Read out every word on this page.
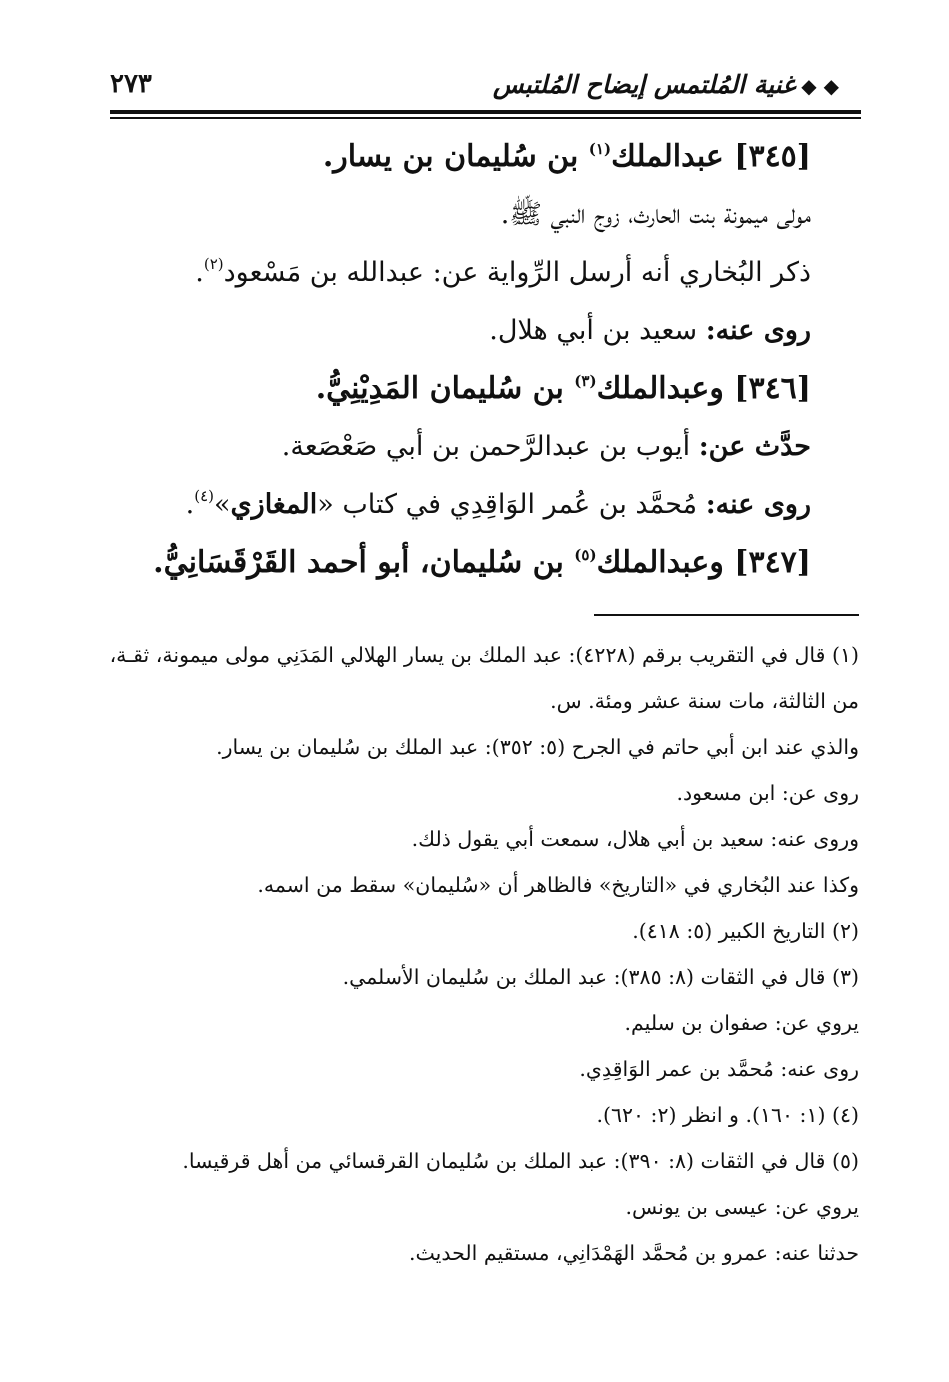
◆ ◆غنية المُلتمس إيضاح المُلتبس
٢٧٣
[٣٤٥] عبدالملك$^{(١)}$ بن سُليمان بن يسار.
مولى ميمونة بنت الحارث، زوج النبي ﷺ.
ذكر البُخاري أنه أرسل الرِّواية عن: عبدالله بن مَسْعود$^{(٢)}$.
روى عنه: سعيد بن أبي هلال.
[٣٤٦] وعبدالملك$^{(٣)}$ بن سُليمان المَدِيْنِيُّ.
حدَّث عن: أيوب بن عبدالرَّحمن بن أبي صَعْصَعة.
روى عنه: مُحمَّد بن عُمر الوَاقِدِي في كتاب «المغازي»$^{(٤)}$.
[٣٤٧] وعبدالملك$^{(٥)}$ بن سُليمان، أبو أحمد القَرْقَسَانِيُّ.
(١) قال في التقريب برقم (٤٢٢٨): عبد الملك بن يسار الهلالي المَدَنِي مولى ميمونة، ثقـة،
من الثالثة، مات سنة عشر ومئة. س.
والذي عند ابن أبي حاتم في الجرح (٥: ٣٥٢): عبد الملك بن سُليمان بن يسار.
روى عن: ابن مسعود.
وروى عنه: سعيد بن أبي هلال، سمعت أبي يقول ذلك.
وكذا عند البُخاري في «التاريخ» فالظاهر أن «سُليمان» سقط من اسمه.
(٢) التاريخ الكبير (٥: ٤١٨).
(٣) قال في الثقات (٨: ٣٨٥): عبد الملك بن سُليمان الأسلمي.
يروي عن: صفوان بن سليم.
روى عنه: مُحمَّد بن عمر الوَاقِدِي.
(٤) (١: ١٦٠). و انظر (٢: ٦٢٠).
(٥) قال في الثقات (٨: ٣٩٠): عبد الملك بن سُليمان القرقسائي من أهل قرقيسا.
يروي عن: عيسى بن يونس.
حدثنا عنه: عمرو بن مُحمَّد الهَمْدَانِي، مستقيم الحديث.
